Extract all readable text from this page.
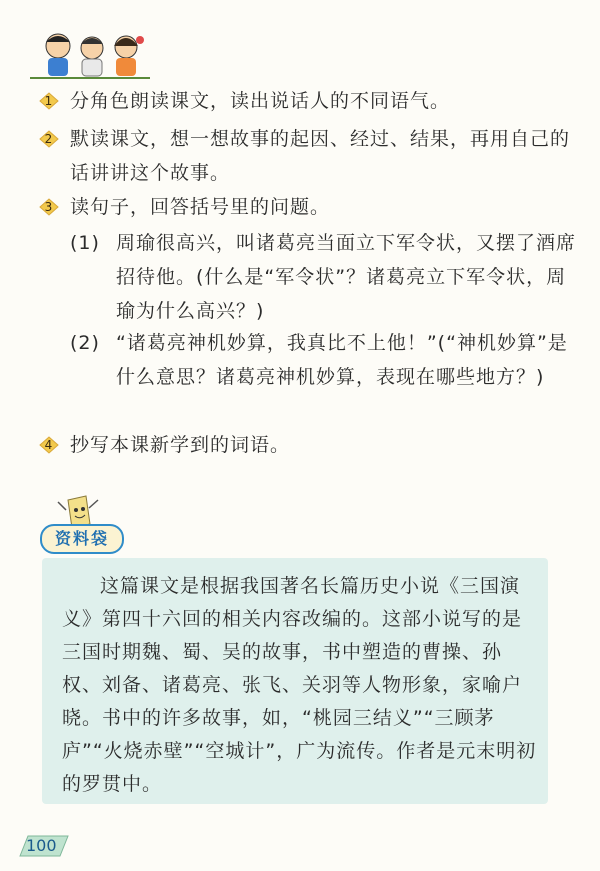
1 分角色朗读课文，读出说话人的不同语气。
2 默读课文，想一想故事的起因、经过、结果，再用自己的话讲讲这个故事。
3 读句子，回答括号里的问题。
(1) 周瑜很高兴，叫诸葛亮当面立下军令状，又摆了酒席招待他。(什么是“军令状”？诸葛亮立下军令状，周瑜为什么高兴？)
(2) “诸葛亮神机妙算，我真比不上他！”(“神机妙算”是什么意思？诸葛亮神机妙算，表现在哪些地方？)
4 抄写本课新学到的词语。
资料袋
这篇课文是根据我国著名长篇历史小说《三国演义》第四十六回的相关内容改编的。这部小说写的是三国时期魏、蜀、吴的故事，书中塑造的曹操、孙权、刘备、诸葛亮、张飞、关羽等人物形象，家喻户晓。书中的许多故事，如，“桃园三结义”“三顾茅庐”“火烧赤壁”“空城计”，广为流传。作者是元末明初的罗贯中。
100
